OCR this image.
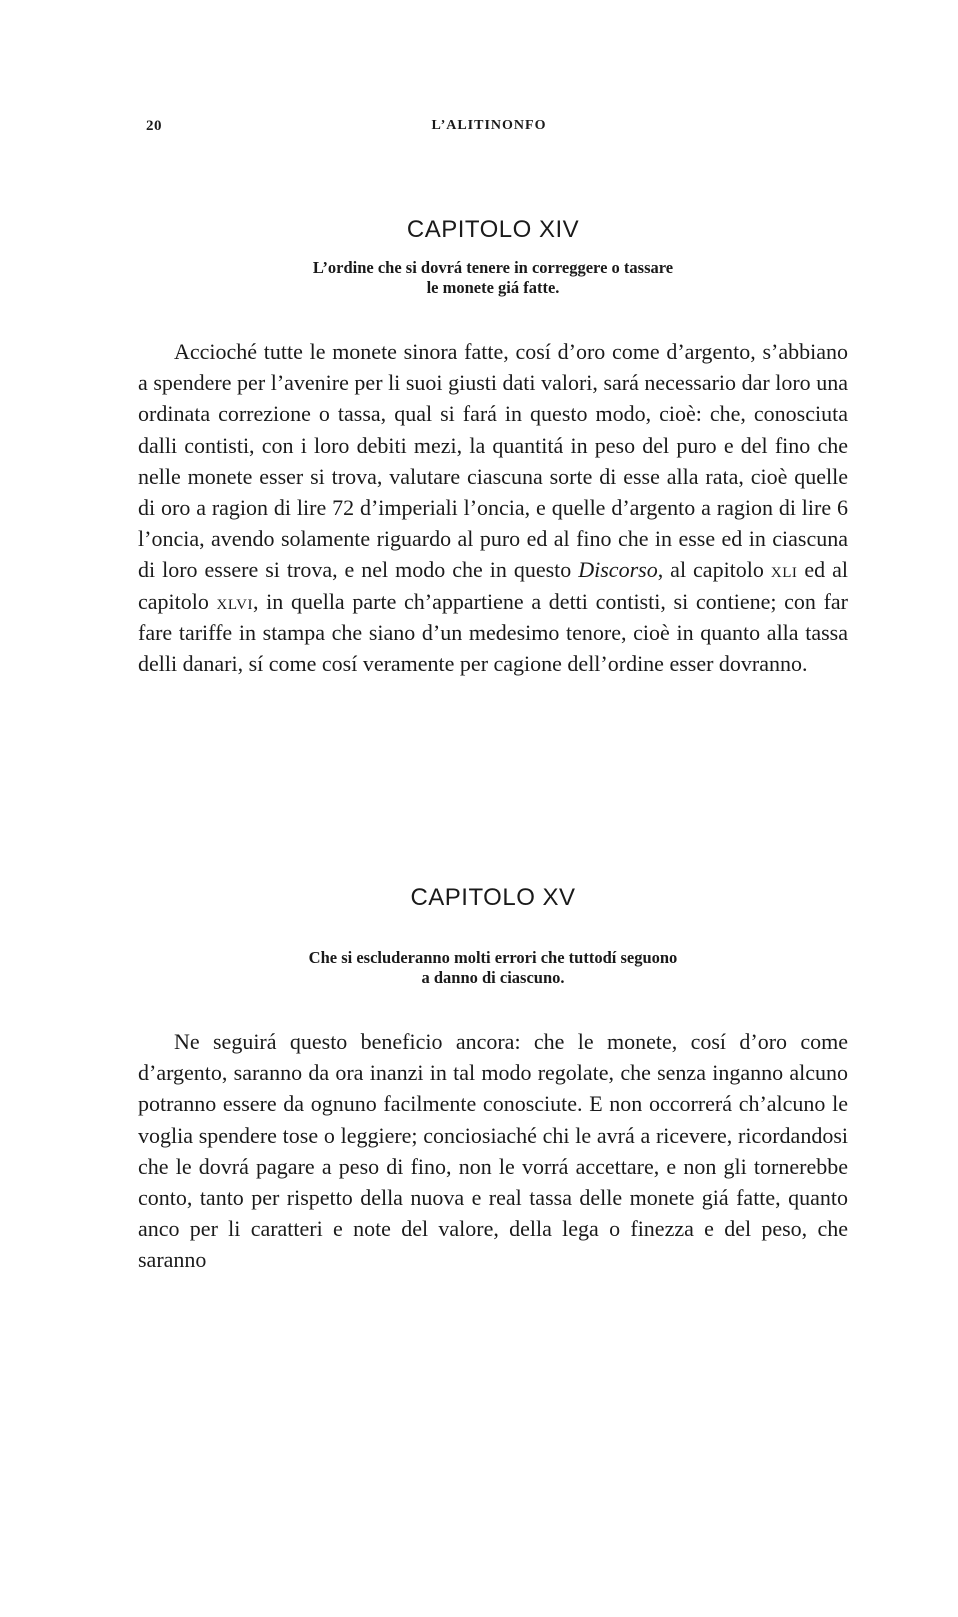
20	L’ALITINONFO
CAPITOLO XIV
L’ordine che si dovrá tenere in correggere o tassare
le monete giá fatte.

Accioché tutte le monete sinora fatte, cosí d’oro come d’argento, s’abbiano a spendere per l’avenire per li suoi giusti dati valori, sará necessario dar loro una ordinata correzione o tassa, qual si fará in questo modo, cioè: che, conosciuta dalli contisti, con i loro debiti mezi, la quantitá in peso del puro e del fino che nelle monete esser si trova, valutare ciascuna sorte di esse alla rata, cioè quelle di oro a ragion di lire 72 d’imperiali l’oncia, e quelle d’argento a ragion di lire 6 l’oncia, avendo solamente riguardo al puro ed al fino che in esse ed in ciascuna di loro essere si trova, e nel modo che in questo Discorso, al capitolo xli ed al capitolo xlvi, in quella parte ch’appartiene a detti contisti, si contiene; con far fare tariffe in stampa che siano d’un medesimo tenore, cioè in quanto alla tassa delli danari, sí come cosí veramente per cagione dell’ordine esser dovranno.

CAPITOLO XV
Che si escluderanno molti errori che tuttodí seguono
a danno di ciascuno.

Ne seguirá questo beneficio ancora: che le monete, cosí d’oro come d’argento, saranno da ora inanzi in tal modo regolate, che senza inganno alcuno potranno essere da ognuno facilmente conosciute. E non occorrerá ch’alcuno le voglia spendere tose o leggiere; conciosiaché chi le avrá a ricevere, ricordandosi che le dovrá pagare a peso di fino, non le vorrá accettare, e non gli tornerebbe conto, tanto per rispetto della nuova e real tassa delle monete giá fatte, quanto anco per li caratteri e note del valore, della lega o finezza e del peso, che saranno
